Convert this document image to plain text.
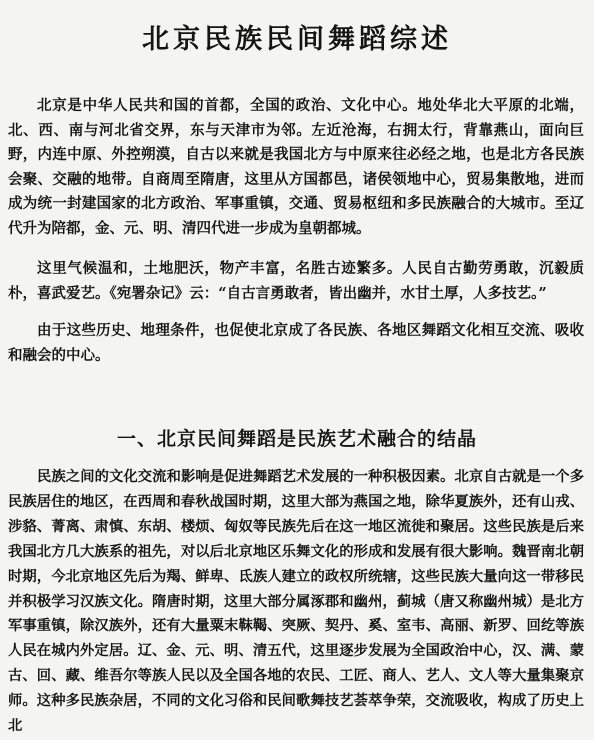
北京民族民间舞蹈综述

北京是中华人民共和国的首都，全国的政治、文化中心。地处华北大平原的北端，北、西、南与河北省交界，东与天津市为邻。左近沧海，右拥太行，背靠燕山，面向巨野，内连中原、外控朔漠，自古以来就是我国北方与中原来往必经之地，也是北方各民族会聚、交融的地带。自商周至隋唐，这里从方国都邑，诸侯领地中心，贸易集散地，进而成为统一封建国家的北方政治、军事重镇，交通、贸易枢纽和多民族融合的大城市。至辽代升为陪都，金、元、明、清四代进一步成为皇朝都城。

这里气候温和，土地肥沃，物产丰富，名胜古迹繁多。人民自古勤劳勇敢，沉毅质朴，喜武爱艺。《宛署杂记》云：“自古言勇敢者，皆出幽并，水甘土厚，人多技艺。”

由于这些历史、地理条件，也促使北京成了各民族、各地区舞蹈文化相互交流、吸收和融会的中心。

一、北京民间舞蹈是民族艺术融合的结晶

民族之间的文化交流和影响是促进舞蹈艺术发展的一种积极因素。北京自古就是一个多民族居住的地区，在西周和春秋战国时期，这里大部为燕国之地，除华夏族外，还有山戎、涉貉、菁离、肃慎、东胡、楼烦、匈奴等民族先后在这一地区流徙和聚居。这些民族是后来我国北方几大族系的祖先，对以后北京地区乐舞文化的形成和发展有很大影响。魏晋南北朝时期，今北京地区先后为羯、鲜卑、氐族人建立的政权所统辖，这些民族大量向这一带移民并积极学习汉族文化。隋唐时期，这里大部分属涿郡和幽州，蓟城（唐又称幽州城）是北方军事重镇，除汉族外，还有大量粟末靺鞨、突厥、契丹、奚、室韦、高丽、新罗、回纥等族人民在城内外定居。辽、金、元、明、清五代，这里逐步发展为全国政治中心，汉、满、蒙古、回、藏、维吾尔等族人民以及全国各地的农民、工匠、商人、艺人、文人等大量集聚京师。这种多民族杂居，不同的文化习俗和民间歌舞技艺荟萃争荣，交流吸收，构成了历史上北
